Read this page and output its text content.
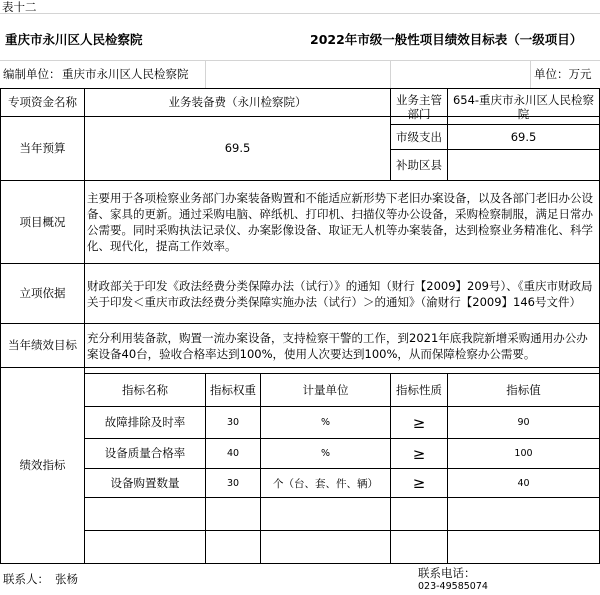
表十二
重庆市永川区人民检察院	2022年市级一般性项目绩效目标表（一级项目）
编制单位： 重庆市永川区人民检察院	单位：万元
专项资金名称	业务装备费（永川检察院）	业务主管部门
654-重庆市永川区人民检察院
当年预算	69.5
市级支出	69.5
补助区县
项目概况
主要用于各项检察业务部门办案装备购置和不能适应新形势下老旧办案设备，以及各部门老旧办公设备、家具的更新。通过采购电脑、碎纸机、打印机、扫描仪等办公设备，采购检察制服，满足日常办公需要。同时采购执法记录仪、办案影像设备、取证无人机等办案装备，达到检察业务精准化、科学化、现代化，提高工作效率。
立项依据
财政部关于印发《政法经费分类保障办法（试行）》的通知（财行【2009】209号）、《重庆市财政局关于印发＜重庆市政法经费分类保障实施办法（试行）＞的通知》（渝财行【2009】146号文件）
当年绩效目标
充分利用装备款，购置一流办案设备，支持检察干警的工作，到2021年底我院新增采购通用办公办案设备40台，验收合格率达到100%，使用人次要达到100%，从而保障检察办公需要。
绩效指标
指标名称	指标权重	计量单位	指标性质	指标值
故障排除及时率	30	%	≥	90
设备质量合格率	40	%	≥	100
设备购置数量	30	个（台、套、件、辆）	≥	40
联系人： 张杨	联系电话：
023-49585074
